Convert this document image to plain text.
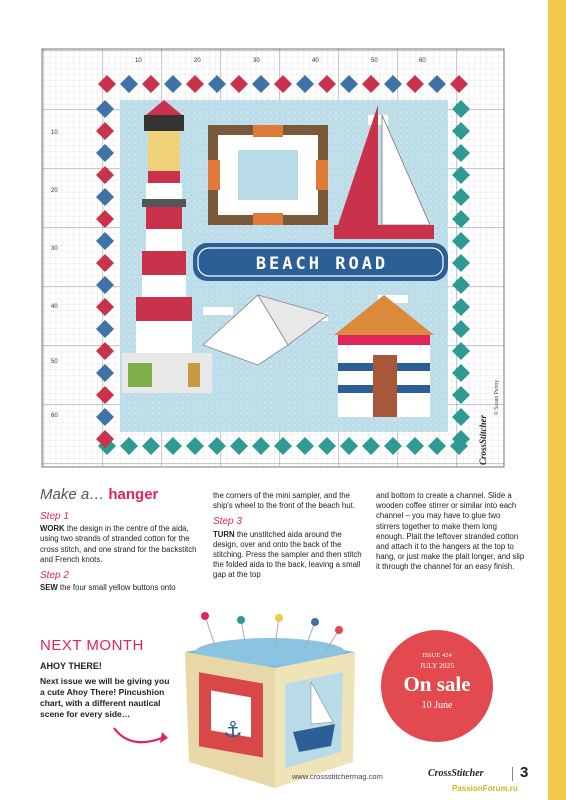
10	20	30	40	50	60
10
20
30
40
50
60
BEACH ROAD
© Susan Penny
CrossStitcher
Make a… hanger
Step 1
WORK the design in the centre of the aida, using two strands of stranded cotton for the cross stitch, and one strand for the backstitch and French knots.
Step 2
SEW the four small yellow buttons onto
the corners of the mini sampler, and the ship's wheel to the front of the beach hut.
Step 3
TURN the unstitched aida around the design, over and onto the back of the stitching. Press the sampler and then stitch the folded aida to the back, leaving a small gap at the top
and bottom to create a channel. Slide a wooden coffee stirrer or similar into each channel – you may have to glue two stirrers together to make them long enough. Plait the leftover stranded cotton and attach it to the hangers at the top to hang, or just make the plait longer, and slip it through the channel for an easy finish.
NEXT MONTH
AHOY THERE!
Next issue we will be giving you a cute Ahoy There! Pincushion chart, with a different nautical scene for every side…
⚓
ISSUE 424
JULY 2025
On sale
10 June
www.crossstitchermag.com	CrossStitcher 3
PassionForum.ru
